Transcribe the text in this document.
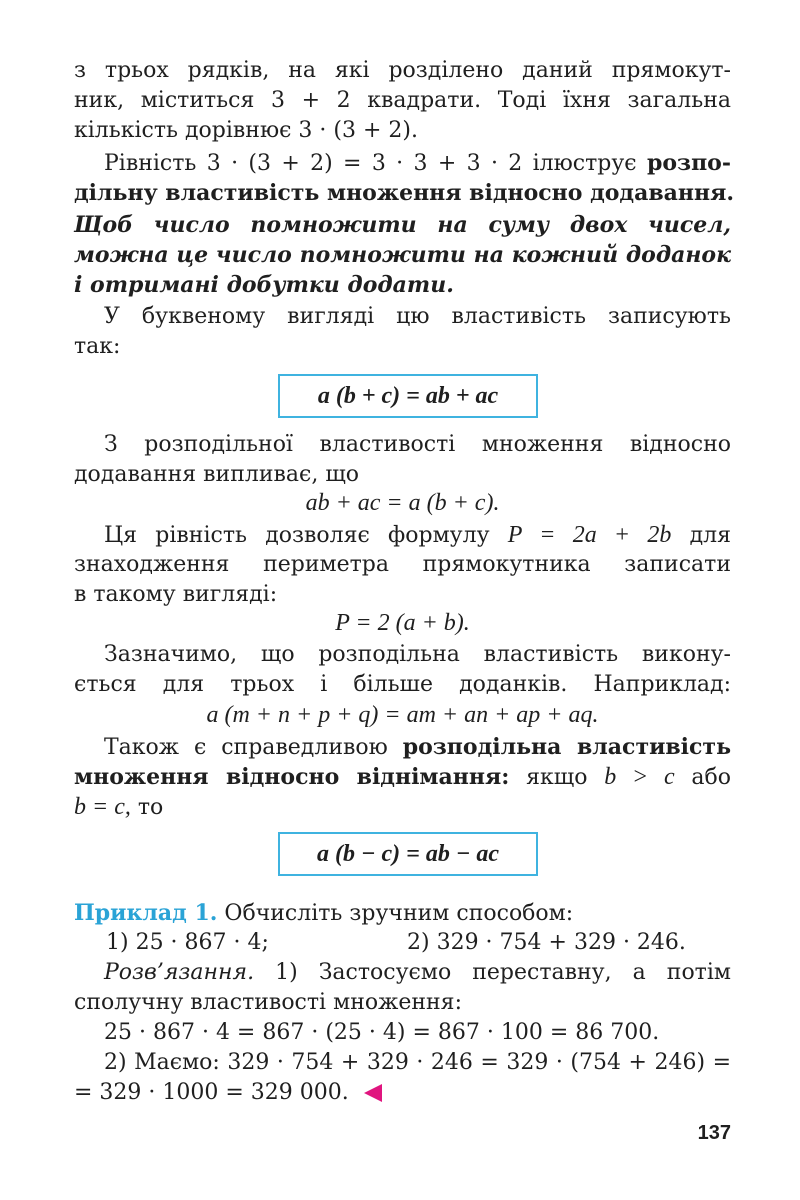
з трьох рядків, на які розділено даний прямокут-
ник, міститься 3 + 2 квадрати. Тоді їхня загальна
кількість дорівнює 3 · (3 + 2).
Рівність 3 · (3 + 2) = 3 · 3 + 3 · 2 ілюструє розпо-
дільну властивість множення відносно додавання.
Щоб число помножити на суму двох чисел,
можна це число помножити на кожний доданок
і отримані добутки додати.
У буквеному вигляді цю властивість записують
так:
a (b + c) = ab + ac
З розподільної властивості множення відносно
додавання випливає, що
ab + ac = a (b + c).
Ця рівність дозволяє формулу P = 2a + 2b для
знаходження периметра прямокутника записати
в такому вигляді:
P = 2 (a + b).
Зазначимо, що розподільна властивість викону-
ється для трьох і більше доданків. Наприклад:
a (m + n + p + q) = am + an + ap + aq.
Також є справедливою розподільна властивість
множення відносно віднімання: якщо b > c або
b = c, то
a (b − c) = ab − ac
Приклад 1. Обчисліть зручним способом:
1) 25 · 867 · 4;	2) 329 · 754 + 329 · 246.
Розв’язання. 1) Застосуємо переставну, а потім
сполучну властивості множення:
25 · 867 · 4 = 867 · (25 · 4) = 867 · 100 = 86 700.
2) Маємо: 329 · 754 + 329 · 246 = 329 · (754 + 246) =
= 329 · 1000 = 329 000.
137
